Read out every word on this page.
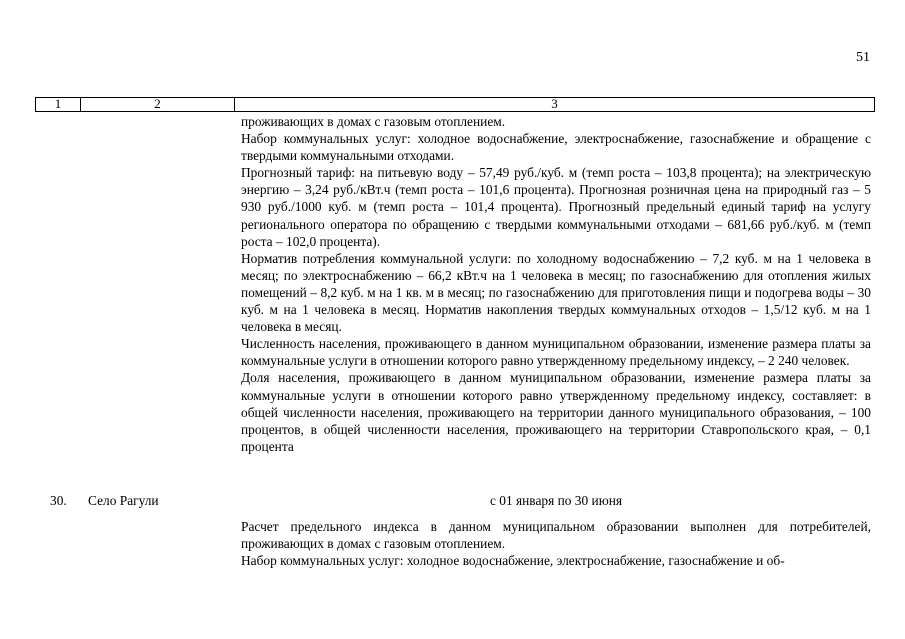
51
1	2	3

проживающих в домах с газовым отоплением.

Набор коммунальных услуг: холодное водоснабжение, электроснабжение, газоснабжение и обращение с твердыми коммунальными отходами.

Прогнозный тариф: на питьевую воду – 57,49 руб./куб. м (темп роста – 103,8 процента); на электрическую энергию – 3,24 руб./кВт.ч (темп роста – 101,6 процента). Прогнозная розничная цена на природный газ – 5 930 руб./1000 куб. м (темп роста – 101,4 процента). Прогнозный предельный единый тариф на услугу регионального оператора по обращению с твердыми коммунальными отходами – 681,66 руб./куб. м (темп роста – 102,0 процента).

Норматив потребления коммунальной услуги: по холодному водоснабжению – 7,2 куб. м на 1 человека в месяц; по электроснабжению – 66,2 кВт.ч на 1 человека в месяц; по газоснабжению для отопления жилых помещений – 8,2 куб. м на 1 кв. м в месяц; по газоснабжению для приготовления пищи и подогрева воды – 30 куб. м на 1 человека в месяц. Норматив накопления твердых коммунальных отходов – 1,5/12 куб. м на 1 человека в месяц.

Численность населения, проживающего в данном муниципальном образовании, изменение размера платы за коммунальные услуги в отношении которого равно утвержденному предельному индексу, – 2 240 человек.

Доля населения, проживающего в данном муниципальном образовании, изменение размера платы за коммунальные услуги в отношении которого равно утвержденному предельному индексу, составляет: в общей численности населения, проживающего на территории данного муниципального образования, – 100 процентов, в общей численности населения, проживающего на территории Ставропольского края, – 0,1 процента

30. Село Рагули	с 01 января по 30 июня

Расчет предельного индекса в данном муниципальном образовании выполнен для потребителей, проживающих в домах с газовым отоплением.

Набор коммунальных услуг: холодное водоснабжение, электроснабжение, газоснабжение и об-
